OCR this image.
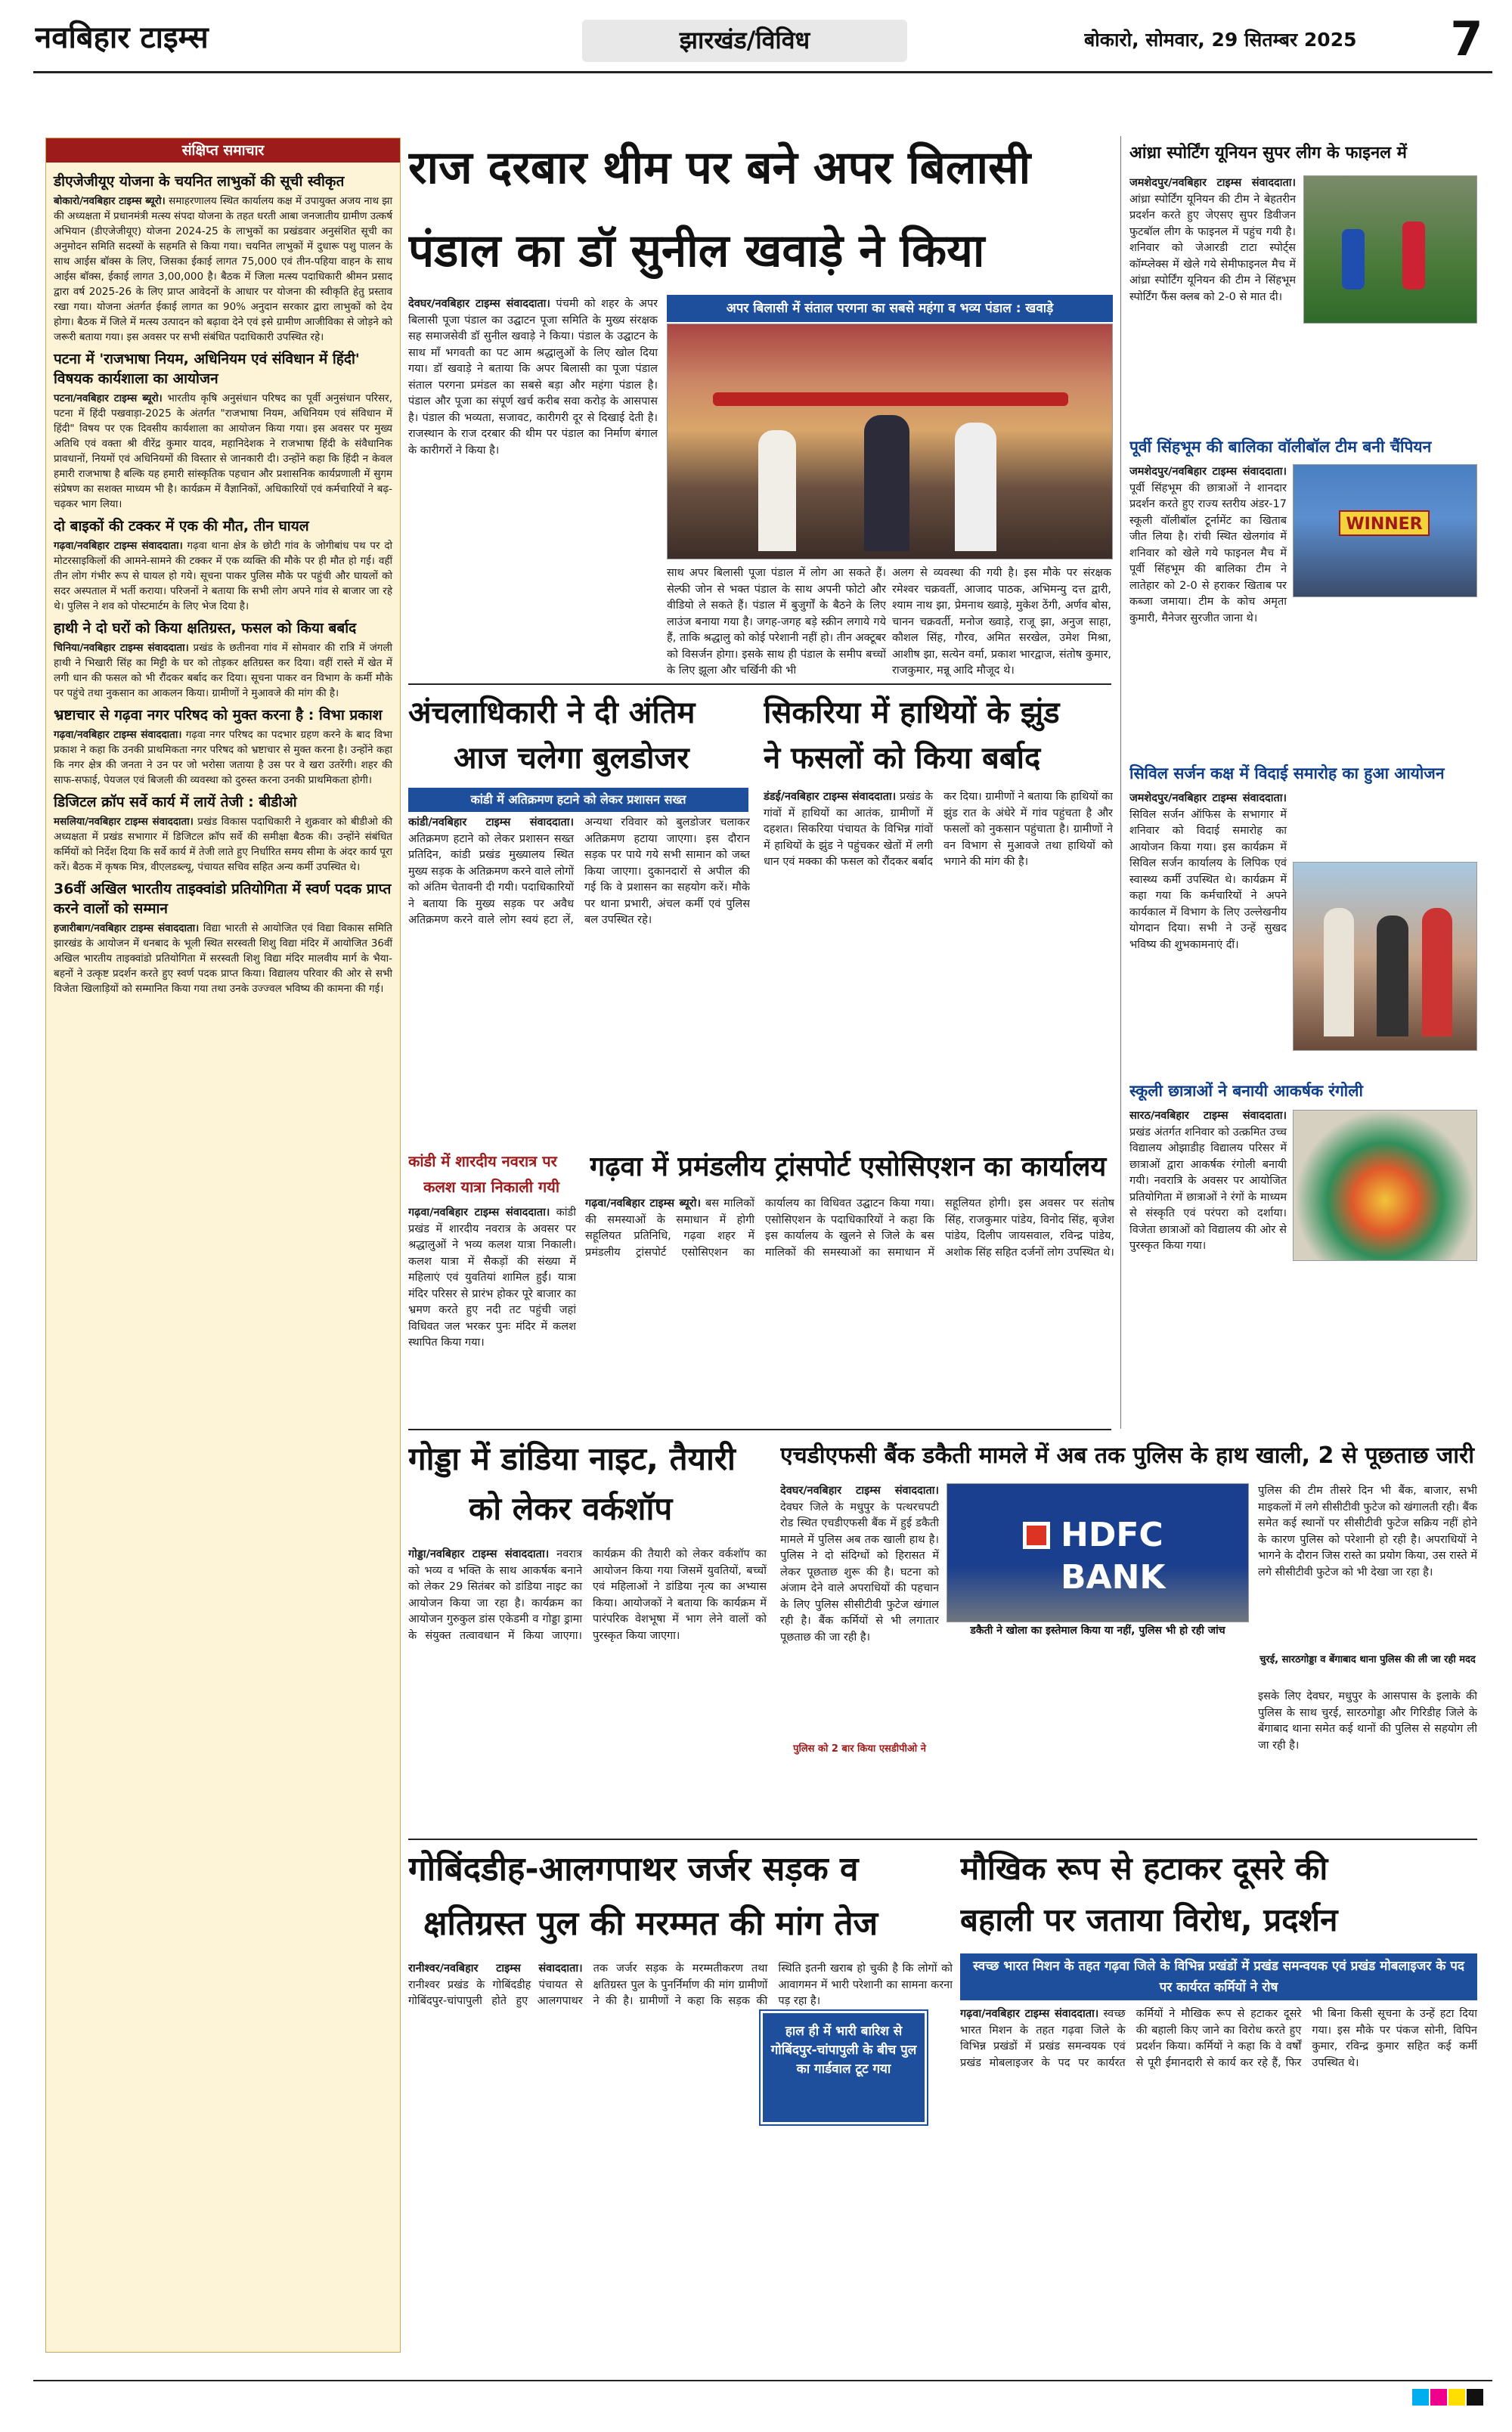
नवबिहार टाइम्स	झारखंड/विविध	बोकारो, सोमवार, 29 सितम्बर 2025	7
संक्षिप्त समाचार
डीएजेजीयूए योजना के चयनित लाभुकों की सूची स्वीकृत
बोकारो/नवबिहार टाइम्स ब्यूरो। समाहरणालय स्थित कार्यालय कक्ष में उपायुक्त अजय नाथ झा की अध्यक्षता में प्रधानमंत्री मत्स्य संपदा योजना के तहत धरती आबा जनजातीय ग्रामीण उत्कर्ष अभियान (डीएजेजीयूए) योजना 2024-25 के लाभुकों का प्रखंडवार अनुसंशित सूची का अनुमोदन समिति सदस्यों के सहमति से किया गया। चयनित लाभुकों में दुधारू पशु पालन के साथ आईस बॉक्स के लिए, जिसका ईकाई लागत 75,000 एवं तीन-पहिया वाहन के साथ आईस बॉक्स, ईकाई लागत 3,00,000 है। बैठक में जिला मत्स्य पदाधिकारी श्रीमन प्रसाद द्वारा वर्ष 2025-26 के लिए प्राप्त आवेदनों के आधार पर योजना की स्वीकृति हेतु प्रस्ताव रखा गया। योजना अंतर्गत ईकाई लागत का 90% अनुदान सरकार द्वारा लाभुकों को देय होगा। बैठक में जिले में मत्स्य उत्पादन को बढ़ावा देने एवं इसे ग्रामीण आजीविका से जोड़ने को जरूरी बताया गया। इस अवसर पर सभी संबंधित पदाधिकारी उपस्थित रहे।
पटना में 'राजभाषा नियम, अधिनियम एवं संविधान में हिंदी' विषयक कार्यशाला का आयोजन
पटना/नवबिहार टाइम्स ब्यूरो। भारतीय कृषि अनुसंधान परिषद का पूर्वी अनुसंधान परिसर, पटना में हिंदी पखवाड़ा-2025 के अंतर्गत "राजभाषा नियम, अधिनियम एवं संविधान में हिंदी" विषय पर एक दिवसीय कार्यशाला का आयोजन किया गया। इस अवसर पर मुख्य अतिथि एवं वक्ता श्री वीरेंद्र कुमार यादव, महानिदेशक ने राजभाषा हिंदी के संवैधानिक प्रावधानों, नियमों एवं अधिनियमों की विस्तार से जानकारी दी। उन्होंने कहा कि हिंदी न केवल हमारी राजभाषा है बल्कि यह हमारी सांस्कृतिक पहचान और प्रशासनिक कार्यप्रणाली में सुगम संप्रेषण का सशक्त माध्यम भी है। कार्यक्रम में वैज्ञानिकों, अधिकारियों एवं कर्मचारियों ने बढ़-चढ़कर भाग लिया।
दो बाइकों की टक्कर में एक की मौत, तीन घायल
गढ़वा/नवबिहार टाइम्स संवाददाता। गढ़वा थाना क्षेत्र के छोटी गांव के जोगीबांध पथ पर दो मोटरसाइकिलों की आमने-सामने की टक्कर में एक व्यक्ति की मौके पर ही मौत हो गई। वहीं तीन लोग गंभीर रूप से घायल हो गये। सूचना पाकर पुलिस मौके पर पहुंची और घायलों को सदर अस्पताल में भर्ती कराया। परिजनों ने बताया कि सभी लोग अपने गांव से बाजार जा रहे थे। पुलिस ने शव को पोस्टमार्टम के लिए भेज दिया है।
हाथी ने दो घरों को किया क्षतिग्रस्त, फसल को किया बर्बाद
चिनिया/नवबिहार टाइम्स संवाददाता। प्रखंड के छतीनवा गांव में सोमवार की रात्रि में जंगली हाथी ने भिखारी सिंह का मिट्टी के घर को तोड़कर क्षतिग्रस्त कर दिया। वहीं रास्ते में खेत में लगी धान की फसल को भी रौंदकर बर्बाद कर दिया। सूचना पाकर वन विभाग के कर्मी मौके पर पहुंचे तथा नुकसान का आकलन किया। ग्रामीणों ने मुआवजे की मांग की है।
भ्रष्टाचार से गढ़वा नगर परिषद को मुक्त करना है : विभा प्रकाश
गढ़वा/नवबिहार टाइम्स संवाददाता। गढ़वा नगर परिषद का पदभार ग्रहण करने के बाद विभा प्रकाश ने कहा कि उनकी प्राथमिकता नगर परिषद को भ्रष्टाचार से मुक्त करना है। उन्होंने कहा कि नगर क्षेत्र की जनता ने उन पर जो भरोसा जताया है उस पर वे खरा उतरेंगी। शहर की साफ-सफाई, पेयजल एवं बिजली की व्यवस्था को दुरुस्त करना उनकी प्राथमिकता होगी।
डिजिटल क्रॉप सर्वे कार्य में लायें तेजी : बीडीओ
मसलिया/नवबिहार टाइम्स संवाददाता। प्रखंड विकास पदाधिकारी ने शुक्रवार को बीडीओ की अध्यक्षता में प्रखंड सभागार में डिजिटल क्रॉप सर्वे की समीक्षा बैठक की। उन्होंने संबंधित कर्मियों को निर्देश दिया कि सर्वे कार्य में तेजी लाते हुए निर्धारित समय सीमा के अंदर कार्य पूरा करें। बैठक में कृषक मित्र, वीएलडब्ल्यू, पंचायत सचिव सहित अन्य कर्मी उपस्थित थे।
36वीं अखिल भारतीय ताइक्वांडो प्रतियोगिता में स्वर्ण पदक प्राप्त करने वालों को सम्मान
हजारीबाग/नवबिहार टाइम्स संवाददाता। विद्या भारती से आयोजित एवं विद्या विकास समिति झारखंड के आयोजन में धनबाद के भूली स्थित सरस्वती शिशु विद्या मंदिर में आयोजित 36वीं अखिल भारतीय ताइक्वांडो प्रतियोगिता में सरस्वती शिशु विद्या मंदिर मालवीय मार्ग के भैया-बहनों ने उत्कृष्ट प्रदर्शन करते हुए स्वर्ण पदक प्राप्त किया। विद्यालय परिवार की ओर से सभी विजेता खिलाड़ियों को सम्मानित किया गया तथा उनके उज्ज्वल भविष्य की कामना की गई।
राज दरबार थीम पर बने अपर बिलासी
पंडाल का डॉ सुनील खवाड़े ने किया

देवघर/नवबिहार टाइम्स संवाददाता। पंचमी को शहर के अपर बिलासी पूजा पंडाल का उद्घाटन पूजा समिति के मुख्य संरक्षक सह समाजसेवी डॉ सुनील खवाड़े ने किया। पंडाल के उद्घाटन के साथ माँ भगवती का पट आम श्रद्धालुओं के लिए खोल दिया गया। डॉ खवाड़े ने बताया कि अपर बिलासी का पूजा पंडाल संताल परगना प्रमंडल का सबसे बड़ा और महंगा पंडाल है। पंडाल और पूजा का संपूर्ण खर्च करीब सवा करोड़ के आसपास है। पंडाल की भव्यता, सजावट, कारीगरी दूर से दिखाई देती है। राजस्थान के राज दरबार की थीम पर पंडाल का निर्माण बंगाल के कारीगरों ने किया है।

अपर बिलासी में संताल परगना का सबसे महंगा व भव्य पंडाल : खवाड़े

साथ अपर बिलासी पूजा पंडाल में लोग आ सकते हैं। सेल्फी जोन से भक्त पंडाल के साथ अपनी फोटो और वीडियो ले सकते हैं। पंडाल में बुजुर्गों के बैठने के लिए लाउंज बनाया गया है। जगह-जगह बड़े स्क्रीन लगाये गये हैं, ताकि श्रद्धालु को कोई परेशानी नहीं हो। तीन अक्टूबर को विसर्जन होगा। इसके साथ ही पंडाल के समीप बच्चों के लिए झूला और चर्खिनी की भी

अलग से व्यवस्था की गयी है। इस मौके पर संरक्षक रमेश्वर चक्रवर्ती, आजाद पाठक, अभिमन्यु दत्त द्वारी, श्याम नाथ झा, प्रेमनाथ ख्वाड़े, मुकेश ठेंगी, अर्णव बोस, चानन चक्रवर्ती, मनोज ख्वाड़े, राजू झा, अनुज साहा, कौशल सिंह, गौरव, अमित सरखेल, उमेश मिश्रा, आशीष झा, सत्येन वर्मा, प्रकाश भारद्वाज, संतोष कुमार, राजकुमार, मन्नू आदि मौजूद थे।

अंचलाधिकारी ने दी अंतिम
आज चलेगा बुलडोजर
कांडी में अतिक्रमण हटाने को लेकर प्रशासन सख्त

कांडी/नवबिहार टाइम्स संवाददाता। अतिक्रमण हटाने को लेकर प्रशासन सख्त प्रतिदिन, कांडी प्रखंड मुख्यालय स्थित मुख्य सड़क के अतिक्रमण करने वाले लोगों को अंतिम चेतावनी दी गयी। पदाधिकारियों ने बताया कि मुख्य सड़क पर अवैध अतिक्रमण करने वाले लोग स्वयं हटा लें, अन्यथा रविवार को बुलडोजर चलाकर अतिक्रमण हटाया जाएगा। इस दौरान सड़क पर पाये गये सभी सामान को जब्त किया जाएगा। दुकानदारों से अपील की गई कि वे प्रशासन का सहयोग करें। मौके पर थाना प्रभारी, अंचल कर्मी एवं पुलिस बल उपस्थित रहे।

कांडी में शारदीय नवरात्र पर
कलश यात्रा निकाली गयी

गढ़वा/नवबिहार टाइम्स संवाददाता। कांडी प्रखंड में शारदीय नवरात्र के अवसर पर श्रद्धालुओं ने भव्य कलश यात्रा निकाली। कलश यात्रा में सैकड़ों की संख्या में महिलाएं एवं युवतियां शामिल हुईं। यात्रा मंदिर परिसर से प्रारंभ होकर पूरे बाजार का भ्रमण करते हुए नदी तट पहुंची जहां विधिवत जल भरकर पुनः मंदिर में कलश स्थापित किया गया।

सिकरिया में हाथियों के झुंड
ने फसलों को किया बर्बाद

डंडई/नवबिहार टाइम्स संवाददाता। प्रखंड के गांवों में हाथियों का आतंक, ग्रामीणों में दहशत। सिकरिया पंचायत के विभिन्न गांवों में हाथियों के झुंड ने पहुंचकर खेतों में लगी धान एवं मक्का की फसल को रौंदकर बर्बाद कर दिया। ग्रामीणों ने बताया कि हाथियों का झुंड रात के अंधेरे में गांव पहुंचता है और फसलों को नुकसान पहुंचाता है। ग्रामीणों ने वन विभाग से मुआवजे तथा हाथियों को भगाने की मांग की है।

गढ़वा में प्रमंडलीय ट्रांसपोर्ट एसोसिएशन का कार्यालय

गढ़वा/नवबिहार टाइम्स ब्यूरो। बस मालिकों की समस्याओं के समाधान में होगी सहूलियत प्रतिनिधि, गढ़वा शहर में प्रमंडलीय ट्रांसपोर्ट एसोसिएशन का कार्यालय का विधिवत उद्घाटन किया गया। एसोसिएशन के पदाधिकारियों ने कहा कि इस कार्यालय के खुलने से जिले के बस मालिकों की समस्याओं का समाधान में सहूलियत होगी। इस अवसर पर संतोष सिंह, राजकुमार पांडेय, विनोद सिंह, बृजेश पांडेय, दिलीप जायसवाल, रविन्द्र पांडेय, अशोक सिंह सहित दर्जनों लोग उपस्थित थे।

गोड्डा में डांडिया नाइट, तैयारी
को लेकर वर्कशॉप

गोड्डा/नवबिहार टाइम्स संवाददाता। नवरात्र को भव्य व भक्ति के साथ आकर्षक बनाने को लेकर 29 सितंबर को डांडिया नाइट का आयोजन किया जा रहा है। कार्यक्रम का आयोजन गुरुकुल डांस एकेडमी व गोड्डा ड्रामा के संयुक्त तत्वावधान में किया जाएगा। कार्यक्रम की तैयारी को लेकर वर्कशॉप का आयोजन किया गया जिसमें युवतियों, बच्चों एवं महिलाओं ने डांडिया नृत्य का अभ्यास किया। आयोजकों ने बताया कि कार्यक्रम में पारंपरिक वेशभूषा में भाग लेने वालों को पुरस्कृत किया जाएगा।

एचडीएफसी बैंक डकैती मामले में अब तक पुलिस के हाथ खाली, 2 से पूछताछ जारी

देवघर/नवबिहार टाइम्स संवाददाता। देवघर जिले के मधुपुर के पत्थरचपटी रोड स्थित एचडीएफसी बैंक में हुई डकैती मामले में पुलिस अब तक खाली हाथ है। पुलिस ने दो संदिग्धों को हिरासत में लेकर पूछताछ शुरू की है। घटना को अंजाम देने वाले अपराधियों की पहचान के लिए पुलिस सीसीटीवी फुटेज खंगाल रही है। बैंक कर्मियों से भी लगातार पूछताछ की जा रही है।

HDFC BANK
डकैती ने खोला का इस्तेमाल किया या नहीं, पुलिस भी हो रही जांच
पुलिस को 2 बार किया एसडीपीओ ने

पुलिस की टीम तीसरे दिन भी बैंक, बाजार, सभी माइकलों में लगे सीसीटीवी फुटेज को खंगालती रही। बैंक समेत कई स्थानों पर सीसीटीवी फुटेज सक्रिय नहीं होने के कारण पुलिस को परेशानी हो रही है। अपराधियों ने भागने के दौरान जिस रास्ते का प्रयोग किया, उस रास्ते में लगे सीसीटीवी फुटेज को भी देखा जा रहा है।

चुरई, सारठगोड्डा व बेंगाबाद थाना पुलिस की ली जा रही मदद

इसके लिए देवघर, मधुपुर के आसपास के इलाके की पुलिस के साथ चुरई, सारठगोड्डा और गिरिडीह जिले के बेंगाबाद थाना समेत कई थानों की पुलिस से सहयोग ली जा रही है।

आंध्रा स्पोर्टिंग यूनियन सुपर लीग के फाइनल में

जमशेदपुर/नवबिहार टाइम्स संवाददाता। आंध्रा स्पोर्टिंग यूनियन की टीम ने बेहतरीन प्रदर्शन करते हुए जेएसए सुपर डिवीजन फुटबॉल लीग के फाइनल में पहुंच गयी है। शनिवार को जेआरडी टाटा स्पोर्ट्स कॉम्प्लेक्स में खेले गये सेमीफाइनल मैच में आंध्रा स्पोर्टिंग यूनियन की टीम ने सिंहभूम स्पोर्टिंग फैंस क्लब को 2-0 से मात दी।

पूर्वी सिंहभूम की बालिका वॉलीबॉल टीम बनी चैंपियन
WINNER

जमशेदपुर/नवबिहार टाइम्स संवाददाता। पूर्वी सिंहभूम की छात्राओं ने शानदार प्रदर्शन करते हुए राज्य स्तरीय अंडर-17 स्कूली वॉलीबॉल टूर्नामेंट का खिताब जीत लिया है। रांची स्थित खेलगांव में शनिवार को खेले गये फाइनल मैच में पूर्वी सिंहभूम की बालिका टीम ने लातेहार को 2-0 से हराकर खिताब पर कब्जा जमाया। टीम के कोच अमृता कुमारी, मैनेजर सुरजीत जाना थे।

सिविल सर्जन कक्ष में विदाई समारोह का हुआ आयोजन

जमशेदपुर/नवबिहार टाइम्स संवाददाता। सिविल सर्जन ऑफिस के सभागार में शनिवार को विदाई समारोह का आयोजन किया गया। इस कार्यक्रम में सिविल सर्जन कार्यालय के लिपिक एवं स्वास्थ्य कर्मी उपस्थित थे। कार्यक्रम में कहा गया कि कर्मचारियों ने अपने कार्यकाल में विभाग के लिए उल्लेखनीय योगदान दिया। सभी ने उन्हें सुखद भविष्य की शुभकामनाएं दीं।

स्कूली छात्राओं ने बनायी आकर्षक रंगोली

सारठ/नवबिहार टाइम्स संवाददाता। प्रखंड अंतर्गत शनिवार को उत्क्रमित उच्च विद्यालय ओझाडीह विद्यालय परिसर में छात्राओं द्वारा आकर्षक रंगोली बनायी गयी। नवरात्रि के अवसर पर आयोजित प्रतियोगिता में छात्राओं ने रंगों के माध्यम से संस्कृति एवं परंपरा को दर्शाया। विजेता छात्राओं को विद्यालय की ओर से पुरस्कृत किया गया।

गोबिंदडीह-आलगपाथर जर्जर सड़क व
क्षतिग्रस्त पुल की मरम्मत की मांग तेज

रानीश्वर/नवबिहार टाइम्स संवाददाता। रानीश्वर प्रखंड के गोबिंदडीह पंचायत से गोबिंदपुर-चांपापुली होते हुए आलगपाथर तक जर्जर सड़क के मरम्मतीकरण तथा क्षतिग्रस्त पुल के पुनर्निर्माण की मांग ग्रामीणों ने की है। ग्रामीणों ने कहा कि सड़क की स्थिति इतनी खराब हो चुकी है कि लोगों को आवागमन में भारी परेशानी का सामना करना पड़ रहा है।

हाल ही में भारी बारिश से गोबिंदपुर-चांपापुली के बीच पुल का गार्डवाल टूट गया
मौखिक रूप से हटाकर दूसरे की
बहाली पर जताया विरोध, प्रदर्शन
स्वच्छ भारत मिशन के तहत गढ़वा जिले के विभिन्न प्रखंडों में प्रखंड समन्वयक एवं प्रखंड मोबलाइजर के पद पर कार्यरत कर्मियों ने रोष

गढ़वा/नवबिहार टाइम्स संवाददाता। स्वच्छ भारत मिशन के तहत गढ़वा जिले के विभिन्न प्रखंडों में प्रखंड समन्वयक एवं प्रखंड मोबलाइजर के पद पर कार्यरत कर्मियों ने मौखिक रूप से हटाकर दूसरे की बहाली किए जाने का विरोध करते हुए प्रदर्शन किया। कर्मियों ने कहा कि वे वर्षों से पूरी ईमानदारी से कार्य कर रहे हैं, फिर भी बिना किसी सूचना के उन्हें हटा दिया गया। इस मौके पर पंकज सोनी, विपिन कुमार, रविन्द्र कुमार सहित कई कर्मी उपस्थित थे।
